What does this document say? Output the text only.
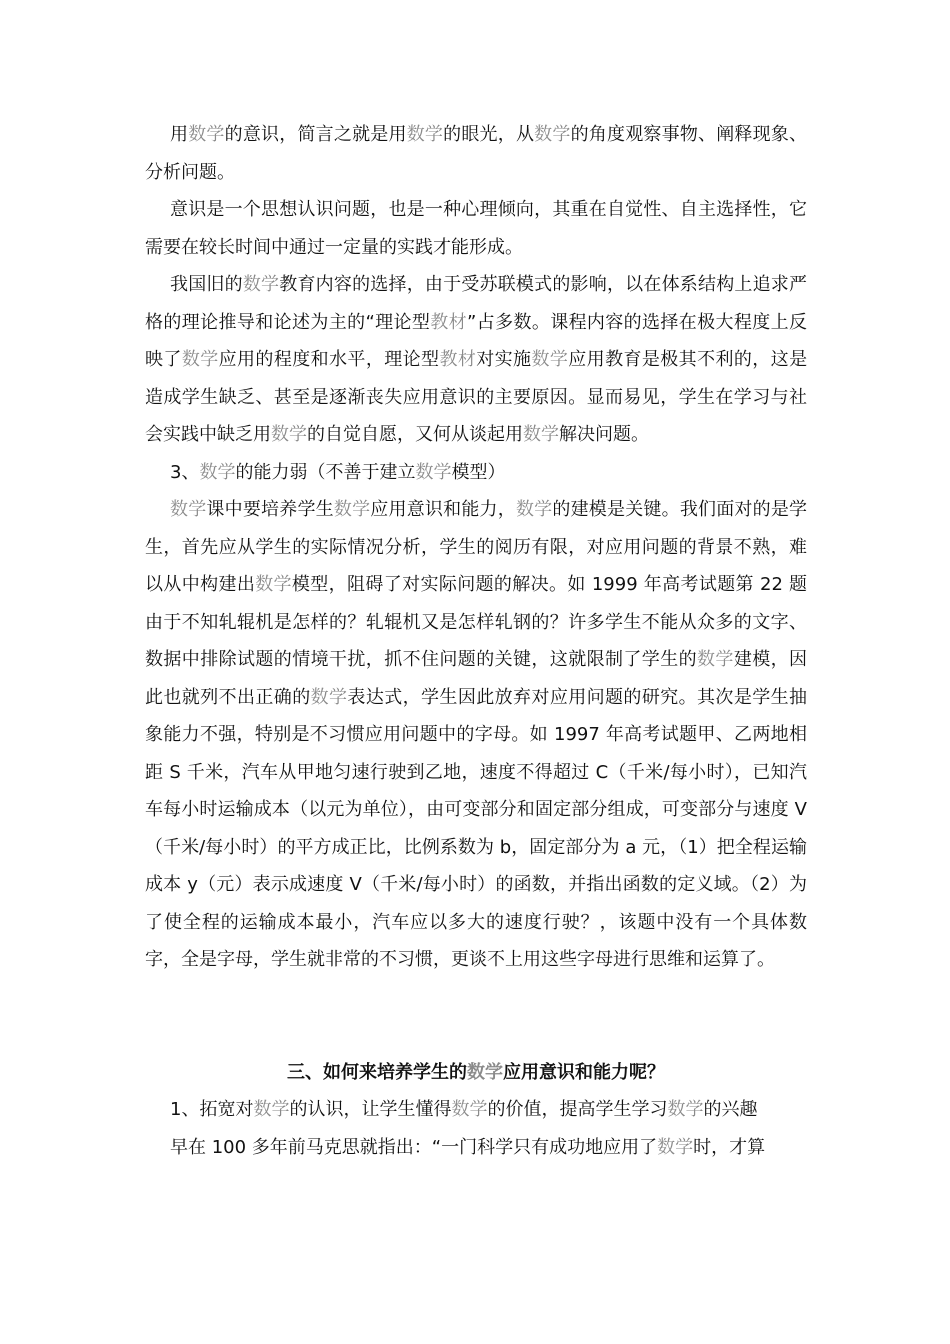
用数学的意识，简言之就是用数学的眼光，从数学的角度观察事物、阐释现象、分析问题。

意识是一个思想认识问题，也是一种心理倾向，其重在自觉性、自主选择性，它需要在较长时间中通过一定量的实践才能形成。

我国旧的数学教育内容的选择，由于受苏联模式的影响，以在体系结构上追求严格的理论推导和论述为主的“理论型教材”占多数。课程内容的选择在极大程度上反映了数学应用的程度和水平，理论型教材对实施数学应用教育是极其不利的，这是造成学生缺乏、甚至是逐渐丧失应用意识的主要原因。显而易见，学生在学习与社会实践中缺乏用数学的自觉自愿，又何从谈起用数学解决问题。

3、数学的能力弱（不善于建立数学模型）

数学课中要培养学生数学应用意识和能力，数学的建模是关键。我们面对的是学生，首先应从学生的实际情况分析，学生的阅历有限，对应用问题的背景不熟，难以从中构建出数学模型，阻碍了对实际问题的解决。如 1999 年高考试题第 22 题由于不知轧辊机是怎样的？轧辊机又是怎样轧钢的？许多学生不能从众多的文字、数据中排除试题的情境干扰，抓不住问题的关键，这就限制了学生的数学建模，因此也就列不出正确的数学表达式，学生因此放弃对应用问题的研究。其次是学生抽象能力不强，特别是不习惯应用问题中的字母。如 1997 年高考试题甲、乙两地相距 S 千米，汽车从甲地匀速行驶到乙地，速度不得超过 C（千米/每小时），已知汽车每小时运输成本（以元为单位），由可变部分和固定部分组成，可变部分与速度 V（千米/每小时）的平方成正比，比例系数为 b，固定部分为 a 元，（1）把全程运输成本 y（元）表示成速度 V（千米/每小时）的函数，并指出函数的定义域。（2）为了使全程的运输成本最小，汽车应以多大的速度行驶？，该题中没有一个具体数字，全是字母，学生就非常的不习惯，更谈不上用这些字母进行思维和运算了。

三、如何来培养学生的数学应用意识和能力呢？

1、拓宽对数学的认识，让学生懂得数学的价值，提高学生学习数学的兴趣

早在 100 多年前马克思就指出：“一门科学只有成功地应用了数学时，才算
